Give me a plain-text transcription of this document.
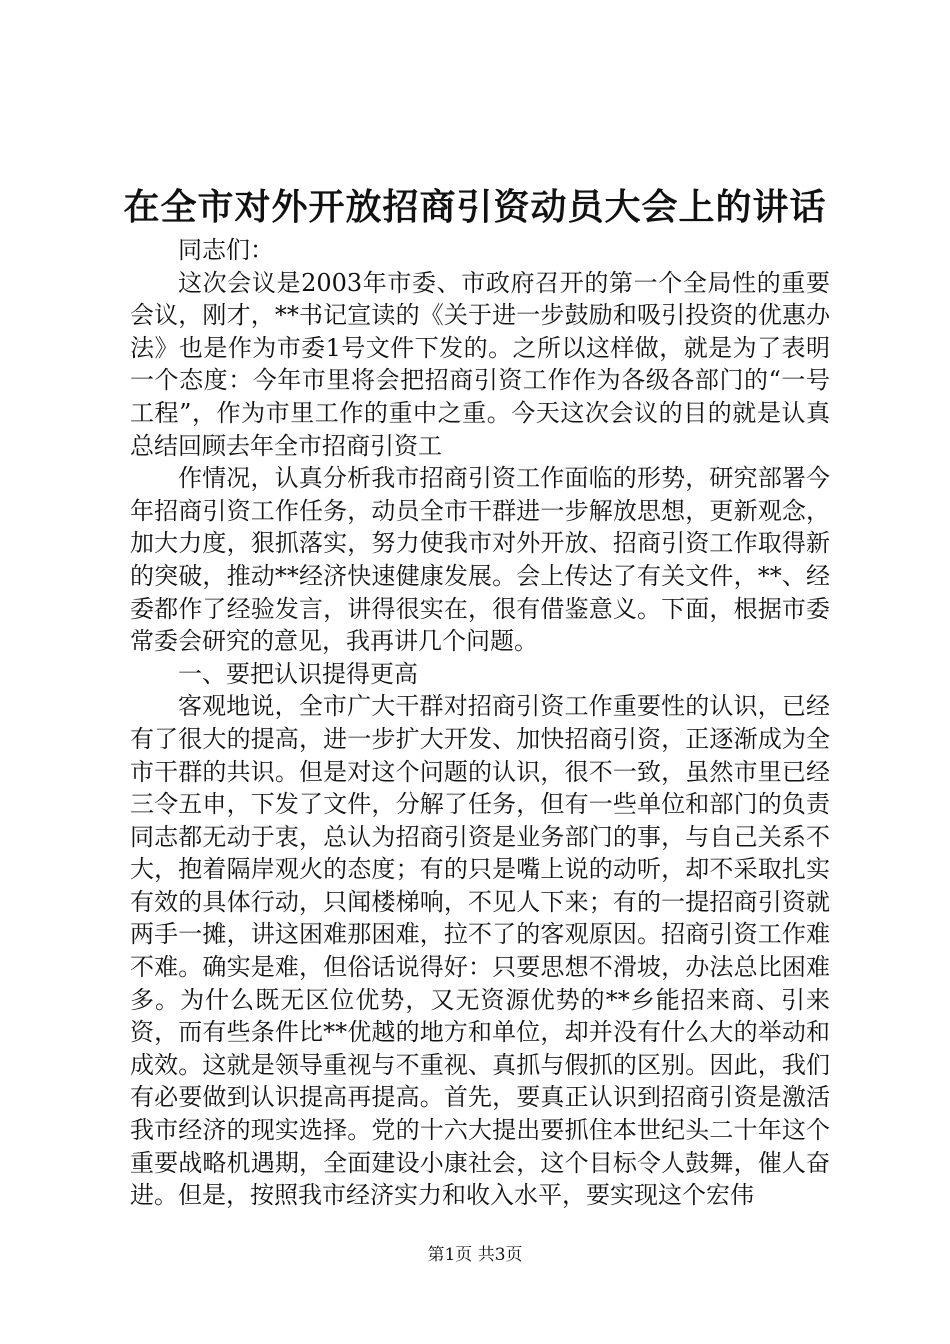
在全市对外开放招商引资动员大会上的讲话

同志们：

这次会议是2003年市委、市政府召开的第一个全局性的重要会议，刚才，**书记宣读的《关于进一步鼓励和吸引投资的优惠办法》也是作为市委1号文件下发的。之所以这样做，就是为了表明一个态度：今年市里将会把招商引资工作作为各级各部门的“一号工程”，作为市里工作的重中之重。今天这次会议的目的就是认真总结回顾去年全市招商引资工

作情况，认真分析我市招商引资工作面临的形势，研究部署今年招商引资工作任务，动员全市干群进一步解放思想，更新观念，加大力度，狠抓落实，努力使我市对外开放、招商引资工作取得新的突破，推动**经济快速健康发展。会上传达了有关文件，**、经委都作了经验发言，讲得很实在，很有借鉴意义。下面，根据市委常委会研究的意见，我再讲几个问题。

一、要把认识提得更高

客观地说，全市广大干群对招商引资工作重要性的认识，已经有了很大的提高，进一步扩大开发、加快招商引资，正逐渐成为全市干群的共识。但是对这个问题的认识，很不一致，虽然市里已经三令五申，下发了文件，分解了任务，但有一些单位和部门的负责同志都无动于衷，总认为招商引资是业务部门的事，与自己关系不大，抱着隔岸观火的态度；有的只是嘴上说的动听，却不采取扎实有效的具体行动，只闻楼梯响，不见人下来；有的一提招商引资就两手一摊，讲这困难那困难，拉不了的客观原因。招商引资工作难不难。确实是难，但俗话说得好：只要思想不滑坡，办法总比困难多。为什么既无区位优势，又无资源优势的**乡能招来商、引来资，而有些条件比**优越的地方和单位，却并没有什么大的举动和成效。这就是领导重视与不重视、真抓与假抓的区别。因此，我们有必要做到认识提高再提高。首先，要真正认识到招商引资是激活我市经济的现实选择。党的十六大提出要抓住本世纪头二十年这个重要战略机遇期，全面建设小康社会，这个目标令人鼓舞，催人奋进。但是，按照我市经济实力和收入水平，要实现这个宏伟

第1页 共3页
